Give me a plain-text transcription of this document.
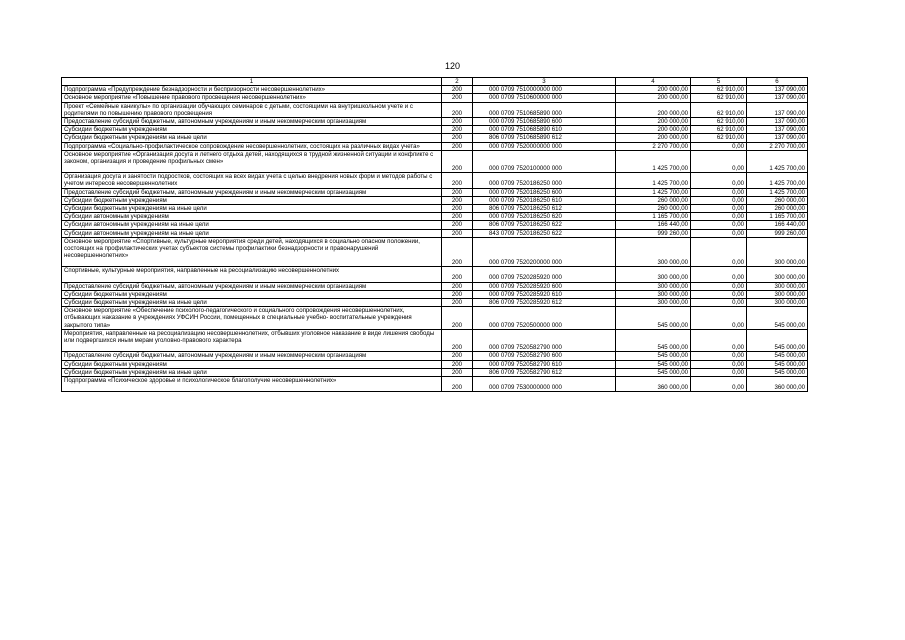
120
1	2	3	4	5	6
Подпрограмма «Предупреждение безнадзорности и беспризорности несовершеннолетних»	200	000 0709 7510000000 000	200 000,00	62 910,00	137 090,00
Основное мероприятие «Повышение правового просвещения несовершеннолетних»	200	000 0709 7510600000 000	200 000,00	62 910,00	137 090,00
Проект «Семейные каникулы» по организации обучающих семинаров с детьми, состоящими на внутришкольном учете и с родителями по повышению правового просвещения	200	000 0709 7510685890 000	200 000,00	62 910,00	137 090,00
Предоставление субсидий бюджетным, автономным учреждениям и иным некоммерческим организациям	200	000 0709 7510685890 600	200 000,00	62 910,00	137 090,00
Субсидии бюджетным учреждениям	200	000 0709 7510685890 610	200 000,00	62 910,00	137 090,00
Субсидии бюджетным учреждениям на иные цели	200	806 0709 7510685890 612	200 000,00	62 910,00	137 090,00
Подпрограмма «Социально-профилактическое сопровождение несовершеннолетних, состоящих на различных видах учета»	200	000 0709 7520000000 000	2 270 700,00	0,00	2 270 700,00
Основное мероприятие «Организация досуга и летнего отдыха детей, находящихся в трудной жизненной ситуации и конфликте с законом, организация и проведение профильных смен»	200	000 0709 7520100000 000	1 425 700,00	0,00	1 425 700,00
Организация досуга и занятости подростков, состоящих на всех видах учета с целью внедрения новых форм и методов работы с учетом интересов несовершеннолетних	200	000 0709 7520186250 000	1 425 700,00	0,00	1 425 700,00
Предоставление субсидий бюджетным, автономным учреждениям и иным некоммерческим организациям	200	000 0709 7520186250 600	1 425 700,00	0,00	1 425 700,00
Субсидии бюджетным учреждениям	200	000 0709 7520186250 610	260 000,00	0,00	260 000,00
Субсидии бюджетным учреждениям на иные цели	200	806 0709 7520186250 612	260 000,00	0,00	260 000,00
Субсидии автономным учреждениям	200	000 0709 7520186250 620	1 165 700,00	0,00	1 165 700,00
Субсидии автономным учреждениям на иные цели	200	806 0709 7520186250 622	166 440,00	0,00	166 440,00
Субсидии автономным учреждениям на иные цели	200	843 0709 7520186250 622	999 260,00	0,00	999 260,00
Основное мероприятие «Спортивные, культурные мероприятия среди детей, находящихся в социально опасном положении, состоящих на профилактических учетах субъектов системы профилактики безнадзорности и правонарушений несовершеннолетних»	200	000 0709 7520200000 000	300 000,00	0,00	300 000,00
Спортивные, культурные мероприятия, направленные на ресоциализацию несовершеннолетних	200	000 0709 7520285920 000	300 000,00	0,00	300 000,00
Предоставление субсидий бюджетным, автономным учреждениям и иным некоммерческим организациям	200	000 0709 7520285920 600	300 000,00	0,00	300 000,00
Субсидии бюджетным учреждениям	200	000 0709 7520285920 610	300 000,00	0,00	300 000,00
Субсидии бюджетным учреждениям на иные цели	200	806 0709 7520285920 612	300 000,00	0,00	300 000,00
Основное мероприятие «Обеспечение психолого-педагогического и социального сопровождения несовершеннолетних, отбывающих наказание в учреждениях УФСИН России, помещенных в специальные учебно- воспитательные учреждения закрытого типа»	200	000 0709 7520500000 000	545 000,00	0,00	545 000,00
Мероприятия, направленные на ресоциализацию несовершеннолетних, отбывших уголовное наказание в виде лишения свободы или подвергшихся иным мерам уголовно-правового характера	200	000 0709 7520582790 000	545 000,00	0,00	545 000,00
Предоставление субсидий бюджетным, автономным учреждениям и иным некоммерческим организациям	200	000 0709 7520582790 600	545 000,00	0,00	545 000,00
Субсидии бюджетным учреждениям	200	000 0709 7520582790 610	545 000,00	0,00	545 000,00
Субсидии бюджетным учреждениям на иные цели	200	806 0709 7520582790 612	545 000,00	0,00	545 000,00
Подпрограмма «Психическое здоровье и психологическое благополучие несовершеннолетних»	200	000 0709 7530000000 000	360 000,00	0,00	360 000,00
